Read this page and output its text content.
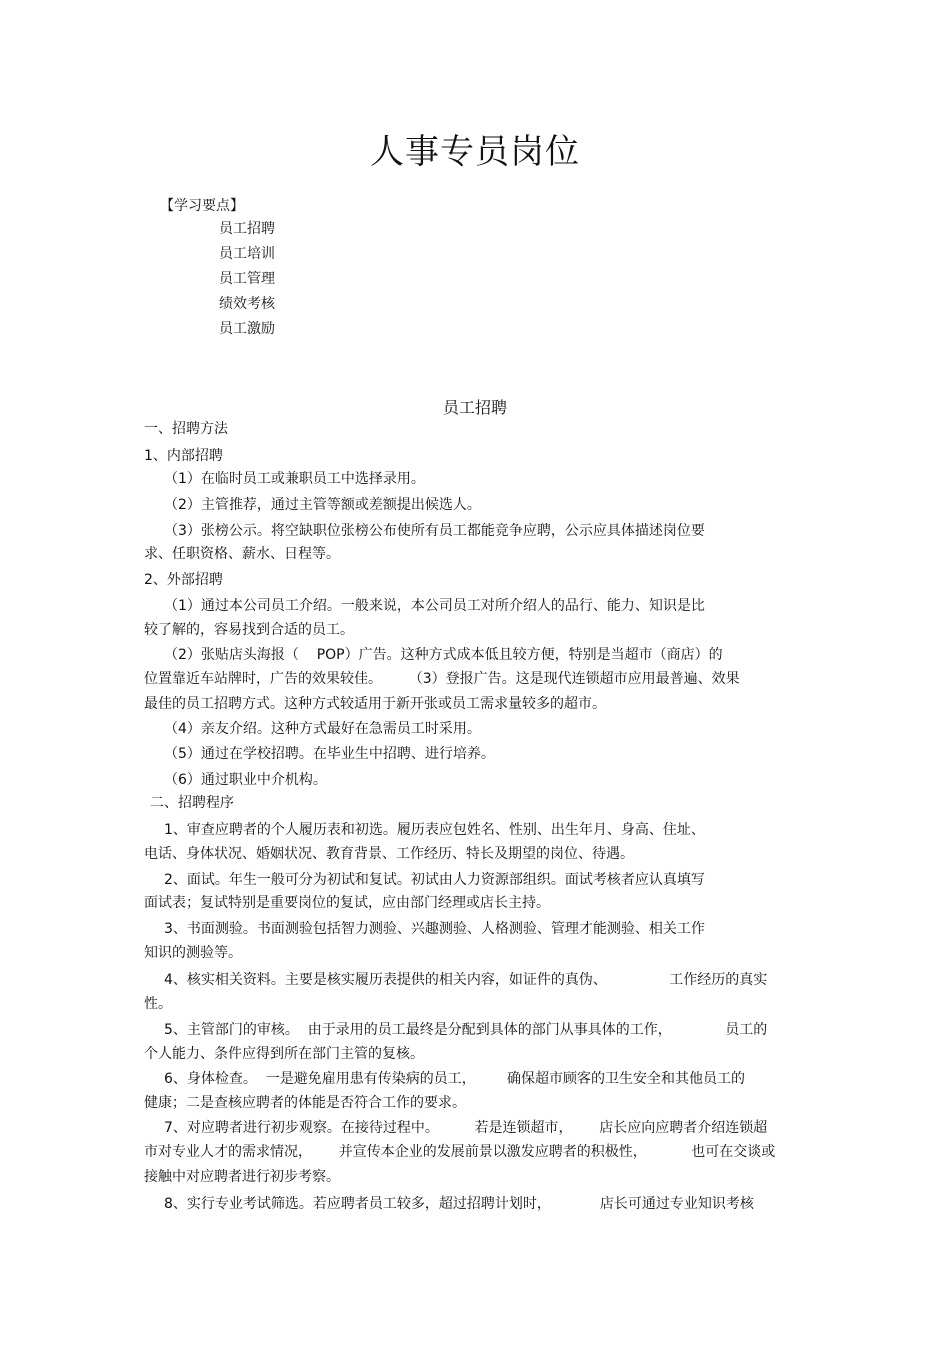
人事专员岗位
【学习要点】
员工招聘
员工培训
员工管理
绩效考核
员工激励
员工招聘
一、招聘方法
1、内部招聘
（1）在临时员工或兼职员工中选择录用。
（2）主管推荐，通过主管等额或差额提出候选人。
（3）张榜公示。将空缺职位张榜公布使所有员工都能竞争应聘，公示应具体描述岗位要
求、任职资格、薪水、日程等。
2、外部招聘
（1）通过本公司员工介绍。一般来说，本公司员工对所介绍人的品行、能力、知识是比
较了解的，容易找到合适的员工。
（2）张贴店头海报（    POP）广告。这种方式成本低且较方便，特别是当超市（商店）的
位置靠近车站牌时，广告的效果较佳。      （3）登报广告。这是现代连锁超市应用最普遍、效果
最佳的员工招聘方式。这种方式较适用于新开张或员工需求量较多的超市。
（4）亲友介绍。这种方式最好在急需员工时采用。
（5）通过在学校招聘。在毕业生中招聘、进行培养。
（6）通过职业中介机构。
二、招聘程序
1、审查应聘者的个人履历表和初选。履历表应包姓名、性别、出生年月、身高、住址、
电话、身体状况、婚姻状况、教育背景、工作经历、特长及期望的岗位、待遇。
2、面试。年生一般可分为初试和复试。初试由人力资源部组织。面试考核者应认真填写
面试表；复试特别是重要岗位的复试，应由部门经理或店长主持。
3、书面测验。书面测验包括智力测验、兴趣测验、人格测验、管理才能测验、相关工作
知识的测验等。
4、核实相关资料。主要是核实履历表提供的相关内容，如证件的真伪、              工作经历的真实
性。
5、主管部门的审核。  由于录用的员工最终是分配到具体的部门从事具体的工作，            员工的
个人能力、条件应得到所在部门主管的复核。
6、身体检查。  一是避免雇用患有传染病的员工，       确保超市顾客的卫生安全和其他员工的
健康；二是查核应聘者的体能是否符合工作的要求。
7、对应聘者进行初步观察。在接待过程中。        若是连锁超市，      店长应向应聘者介绍连锁超
市对专业人才的需求情况，      并宣传本企业的发展前景以激发应聘者的积极性，          也可在交谈或
接触中对应聘者进行初步考察。
8、实行专业考试筛选。若应聘者员工较多，超过招聘计划时，           店长可通过专业知识考核
